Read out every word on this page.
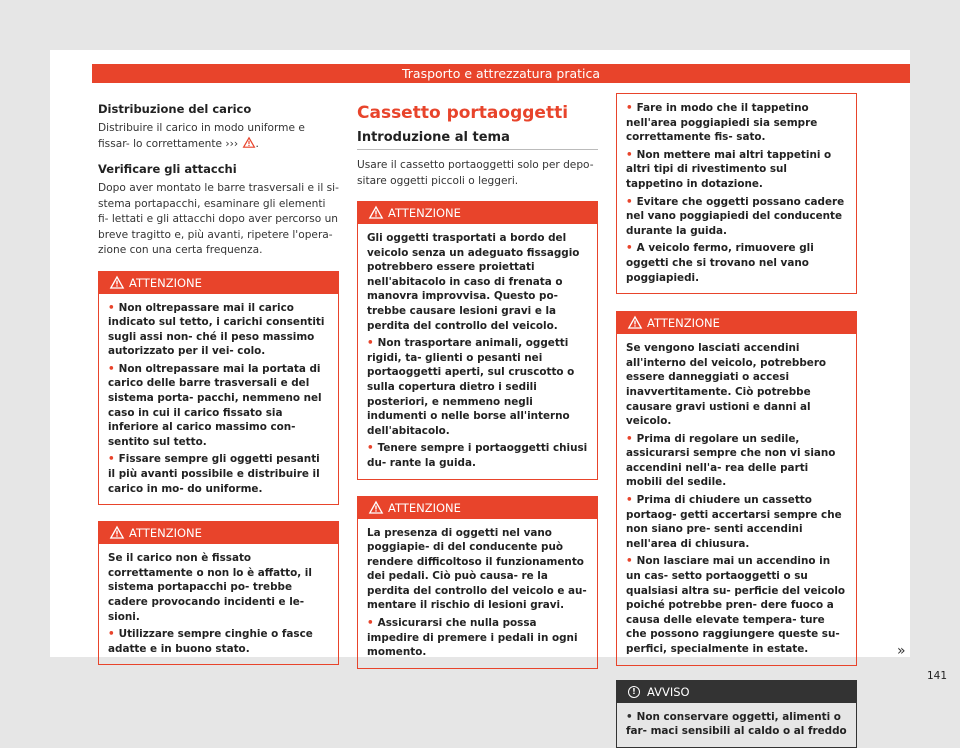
Trasporto e attrezzatura pratica
Distribuzione del carico
Distribuire il carico in modo uniforme e fissar- lo correttamente ››› .
Verificare gli attacchi
Dopo aver montato le barre trasversali e il si- stema portapacchi, esaminare gli elementi fi- lettati e gli attacchi dopo aver percorso un breve tragitto e, più avanti, ripetere l'opera- zione con una certa frequenza.
ATTENZIONE

• Non oltrepassare mai il carico indicato sul tetto, i carichi consentiti sugli assi non- ché il peso massimo autorizzato per il vei- colo.

• Non oltrepassare mai la portata di carico delle barre trasversali e del sistema porta- pacchi, nemmeno nel caso in cui il carico fissato sia inferiore al carico massimo con- sentito sul tetto.

• Fissare sempre gli oggetti pesanti il più avanti possibile e distribuire il carico in mo- do uniforme.

ATTENZIONE

Se il carico non è fissato correttamente o non lo è affatto, il sistema portapacchi po- trebbe cadere provocando incidenti e le- sioni.

• Utilizzare sempre cinghie o fasce adatte e in buono stato.

Cassetto portaoggetti
Introduzione al tema
Usare il cassetto portaoggetti solo per depo- sitare oggetti piccoli o leggeri.
ATTENZIONE

Gli oggetti trasportati a bordo del veicolo senza un adeguato fissaggio potrebbero essere proiettati nell'abitacolo in caso di frenata o manovra improvvisa. Questo po- trebbe causare lesioni gravi e la perdita del controllo del veicolo.

• Non trasportare animali, oggetti rigidi, ta- glienti o pesanti nei portaoggetti aperti, sul cruscotto o sulla copertura dietro i sedili posteriori, e nemmeno negli indumenti o nelle borse all'interno dell'abitacolo.

• Tenere sempre i portaoggetti chiusi du- rante la guida.

ATTENZIONE

La presenza di oggetti nel vano poggiapie- di del conducente può rendere difficoltoso il funzionamento dei pedali. Ciò può causa- re la perdita del controllo del veicolo e au- mentare il rischio di lesioni gravi.

• Assicurarsi che nulla possa impedire di premere i pedali in ogni momento.

• Fare in modo che il tappetino nell'area poggiapiedi sia sempre correttamente fis- sato.

• Non mettere mai altri tappetini o altri tipi di rivestimento sul tappetino in dotazione.

• Evitare che oggetti possano cadere nel vano poggiapiedi del conducente durante la guida.

• A veicolo fermo, rimuovere gli oggetti che si trovano nel vano poggiapiedi.

ATTENZIONE

Se vengono lasciati accendini all'interno del veicolo, potrebbero essere danneggiati o accesi inavvertitamente. Ciò potrebbe causare gravi ustioni e danni al veicolo.

• Prima di regolare un sedile, assicurarsi sempre che non vi siano accendini nell'a- rea delle parti mobili del sedile.

• Prima di chiudere un cassetto portaog- getti accertarsi sempre che non siano pre- senti accendini nell'area di chiusura.

• Non lasciare mai un accendino in un cas- setto portaoggetti o su qualsiasi altra su- perficie del veicolo poiché potrebbe pren- dere fuoco a causa delle elevate tempera- ture che possono raggiungere queste su- perfici, specialmente in estate.

! AVVISO

• Non conservare oggetti, alimenti o far- maci sensibili al caldo o al freddo

»
141
